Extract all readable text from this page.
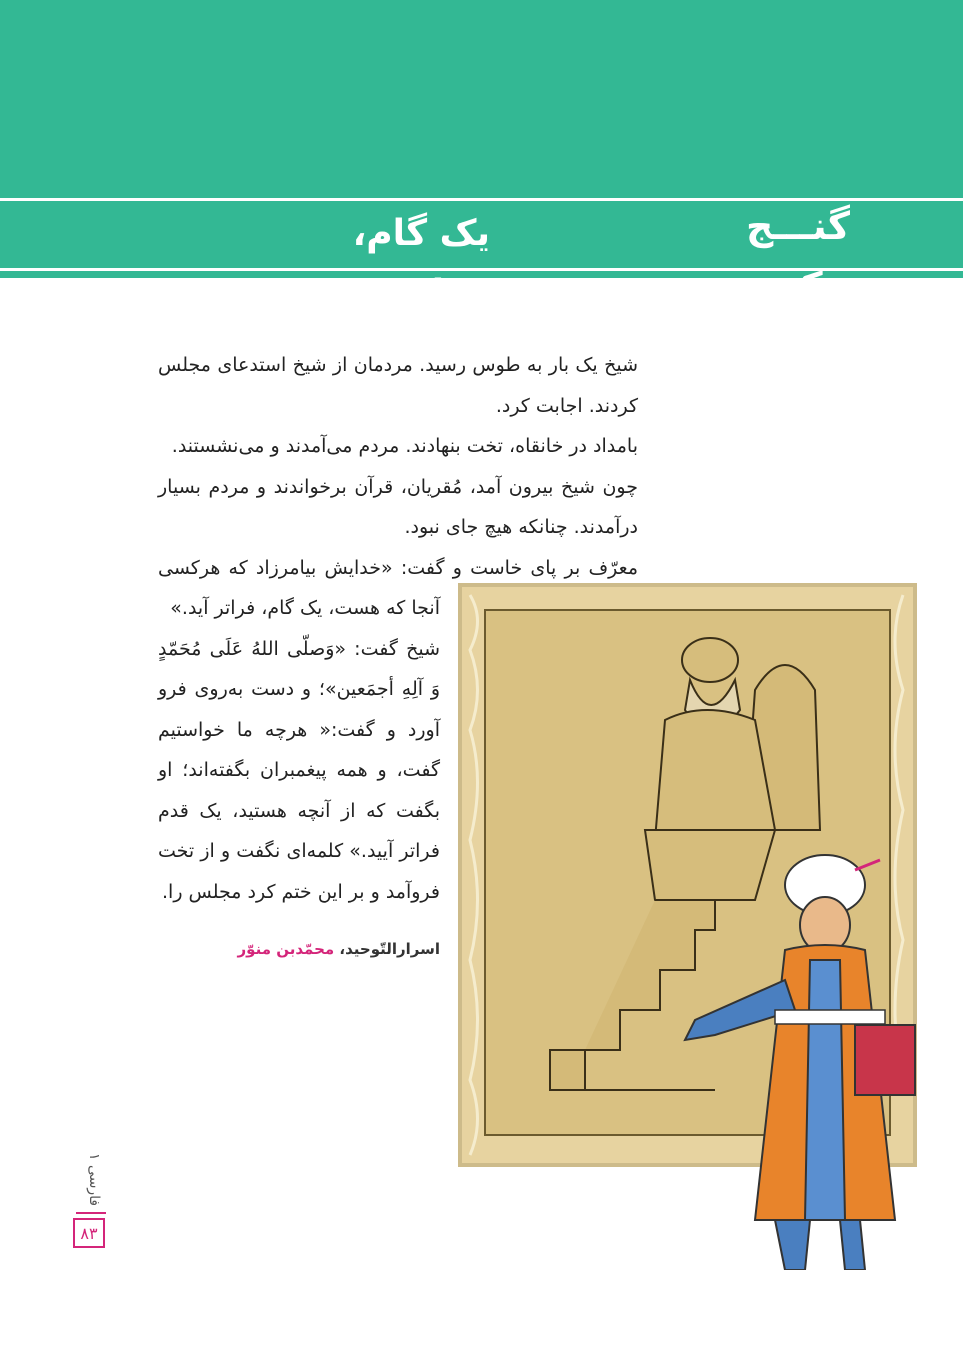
گنـــج حکمـــت
یک گام، فراتر

شیخ یک بار به طوس رسید. مردمان از شیخ استدعای مجلس کردند. اجابت کرد.
بامداد در خانقاه، تخت بنهادند. مردم می‌آمدند و می‌نشستند.
چون شیخ بیرون آمد، مُقریان، قرآن برخواندند و مردم بسیار درآمدند. چنانکه هیچ جای نبود.
معرّف بر پای خاست و گفت: «خدایش بیامرزاد که هرکسی

آنجا که هست، یک گام، فراتر آید.»
شیخ گفت: «وَصلّی اللهُ عَلَی مُحَمّدٍ وَ آلِهِ أجمَعین»؛ و دست به‌روی فرو آورد و گفت:« هرچه ما خواستیم گفت، و همه پیغمبران بگفته‌اند؛ او بگفت که از آنچه هستید، یک قدم فراتر آیید.» کلمه‌ای نگفت و از تخت فروآمد و بر این ختم کرد مجلس را.

اسرارالتّوحید، محمّدبن منوّر
فارسی ۱
۸۳
